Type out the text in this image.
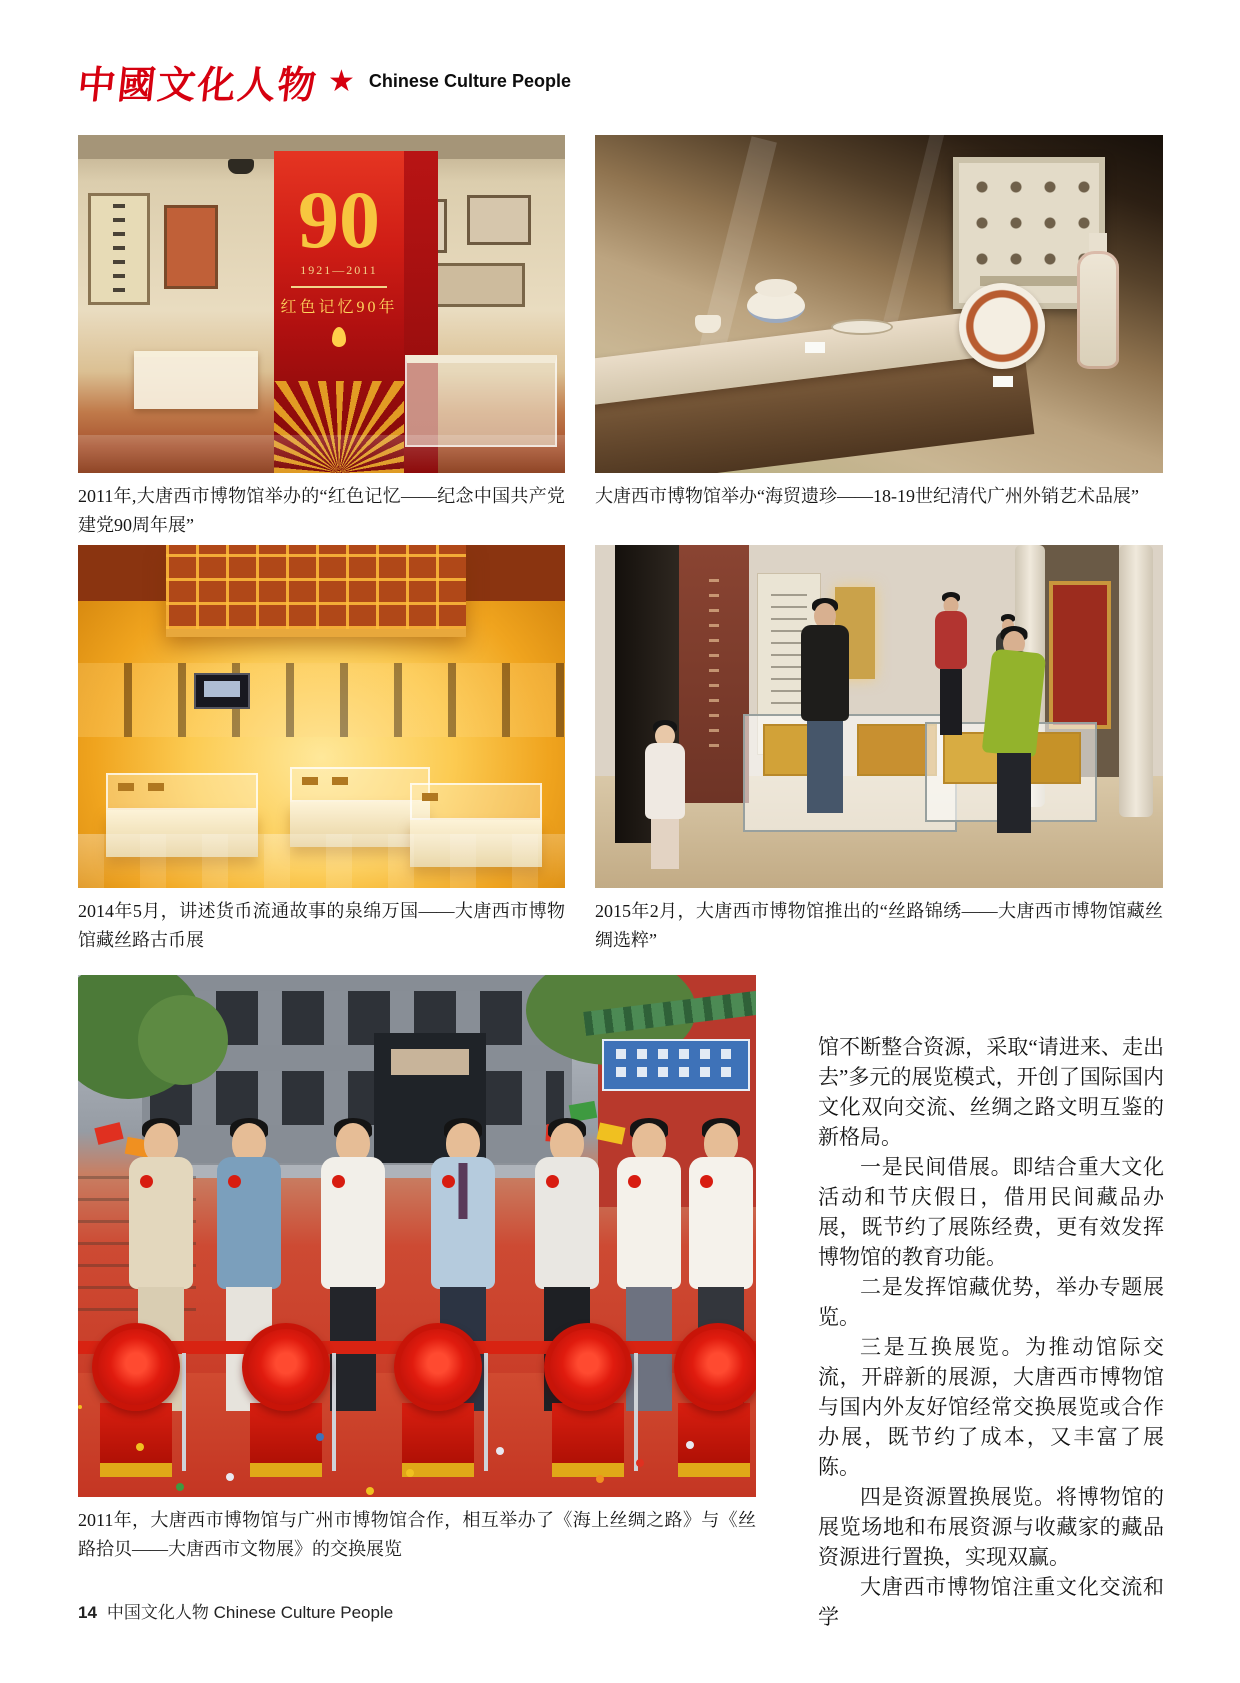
中國文化人物 ★ Chinese Culture People
90
1921—2011
红色记忆90年
2011年,大唐西市博物馆举办的“红色记忆——纪念中国共产党建党90周年展”
大唐西市博物馆举办“海贸遗珍——18-19世纪清代广州外销艺术品展”
2014年5月，讲述货币流通故事的泉绵万国——大唐西市博物馆藏丝路古币展
2015年2月，大唐西市博物馆推出的“丝路锦绣——大唐西市博物馆藏丝绸选粹”
2011年，大唐西市博物馆与广州市博物馆合作，相互举办了《海上丝绸之路》与《丝路拾贝——大唐西市文物展》的交换展览

馆不断整合资源，采取“请进来、走出去”多元的展览模式，开创了国际国内文化双向交流、丝绸之路文明互鉴的新格局。

一是民间借展。即结合重大文化活动和节庆假日，借用民间藏品办展，既节约了展陈经费，更有效发挥博物馆的教育功能。

二是发挥馆藏优势，举办专题展览。

三是互换展览。为推动馆际交流，开辟新的展源，大唐西市博物馆与国内外友好馆经常交换展览或合作办展，既节约了成本，又丰富了展陈。

四是资源置换展览。将博物馆的展览场地和布展资源与收藏家的藏品资源进行置换，实现双赢。

大唐西市博物馆注重文化交流和学

14 中国文化人物 Chinese Culture People
